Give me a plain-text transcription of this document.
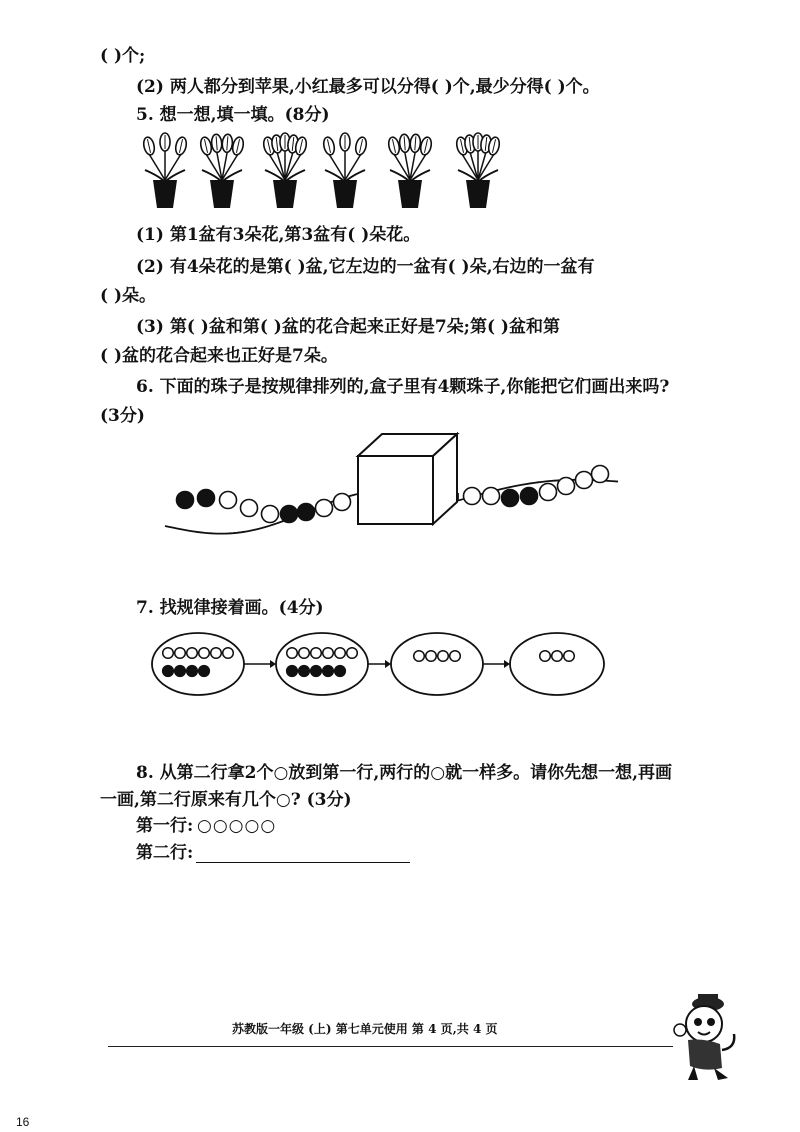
( )个;
(2) 两人都分到苹果,小红最多可以分得( )个,最少分得( )个。
5. 想一想,填一填。(8分)
(1) 第1盆有3朵花,第3盆有( )朵花。
(2) 有4朵花的是第( )盆,它左边的一盆有( )朵,右边的一盆有
( )朵。
(3) 第( )盆和第( )盆的花合起来正好是7朵;第( )盆和第
( )盆的花合起来也正好是7朵。
6. 下面的珠子是按规律排列的,盒子里有4颗珠子,你能把它们画出来吗?
(3分)
7. 找规律接着画。(4分)
8. 从第二行拿2个○放到第一行,两行的○就一样多。请你先想一想,再画
一画,第二行原来有几个○? (3分)
第一行: ○○○○○
第二行:
苏教版一年级 (上) 第七单元使用 第 4 页,共 4 页
16
